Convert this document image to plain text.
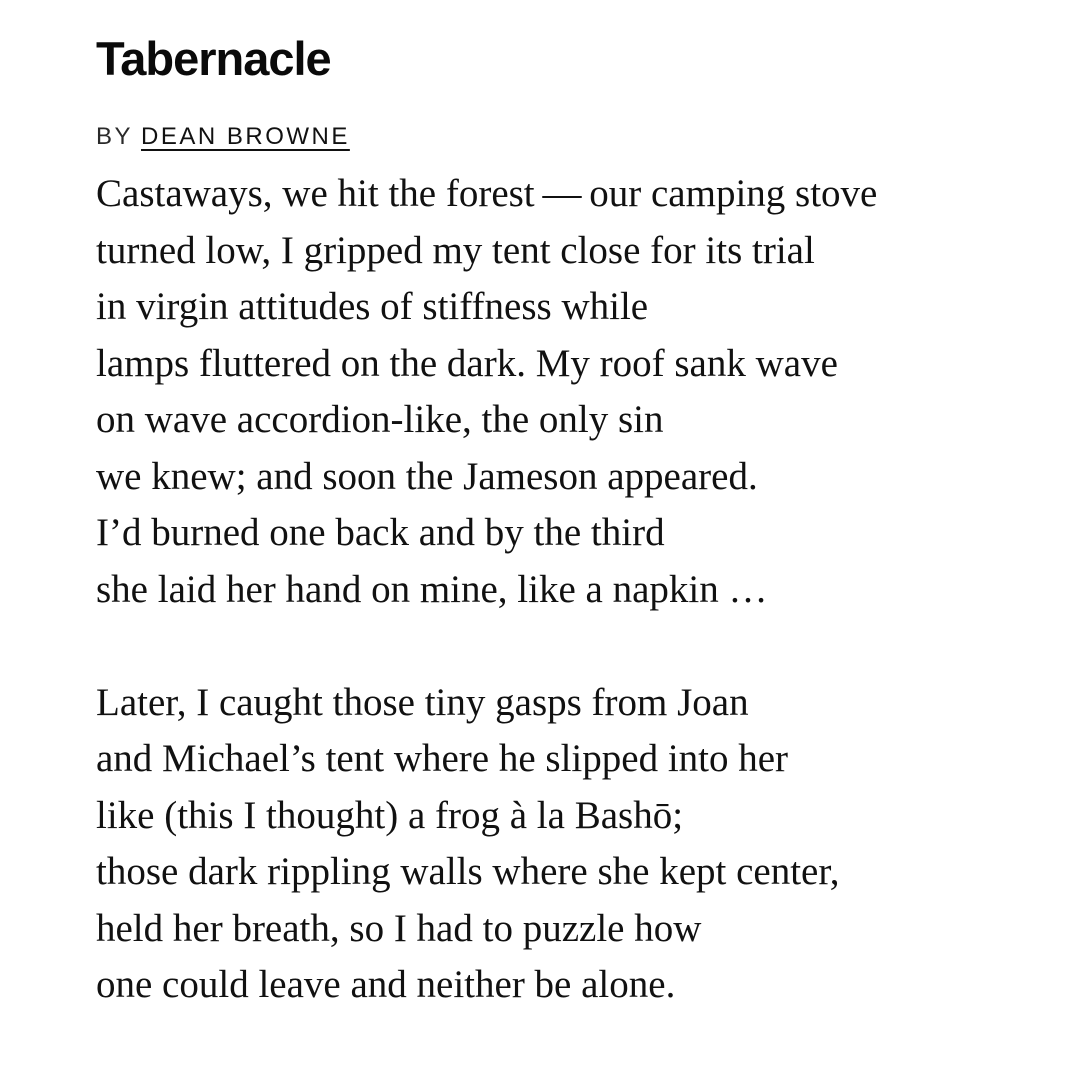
Tabernacle
BY DEAN BROWNE
Castaways, we hit the forest — our camping stove
turned low, I gripped my tent close for its trial
in virgin attitudes of stiffness while
lamps fluttered on the dark. My roof sank wave
on wave accordion-like, the only sin
we knew; and soon the Jameson appeared.
I’d burned one back and by the third
she laid her hand on mine, like a napkin …
Later, I caught those tiny gasps from Joan
and Michael’s tent where he slipped into her
like (this I thought) a frog à la Bashō;
those dark rippling walls where she kept center,
held her breath, so I had to puzzle how
one could leave and neither be alone.
